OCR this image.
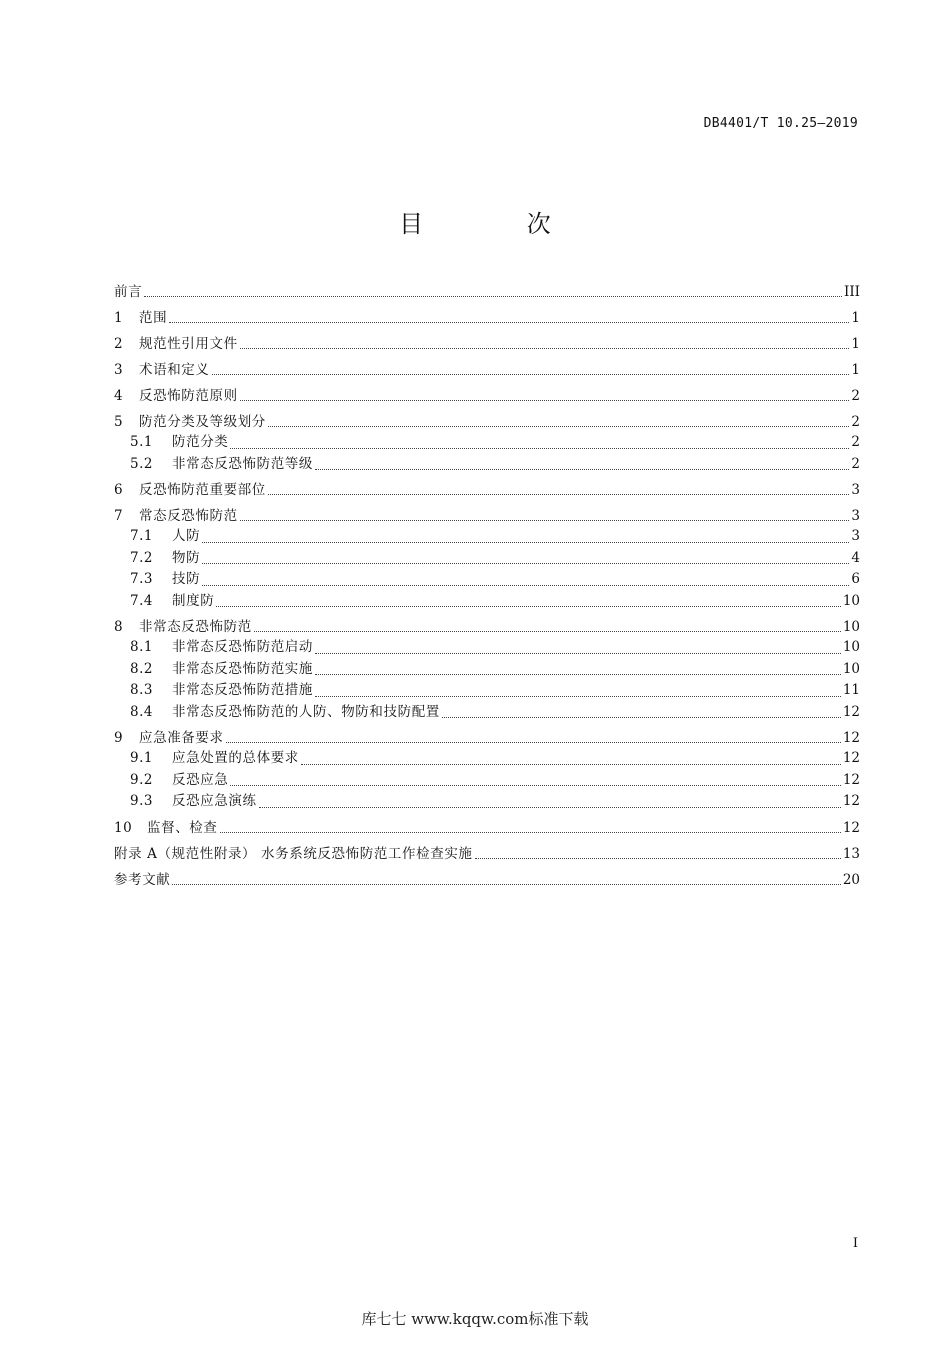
DB4401/T 10.25—2019
目 次
前言	III
1	范围	1
2	规范性引用文件	1
3	术语和定义	1
4	反恐怖防范原则	2
5	防范分类及等级划分	2
5.1	防范分类	2
5.2	非常态反恐怖防范等级	2
6	反恐怖防范重要部位	3
7	常态反恐怖防范	3
7.1	人防	3
7.2	物防	4
7.3	技防	6
7.4	制度防	10
8	非常态反恐怖防范	10
8.1	非常态反恐怖防范启动	10
8.2	非常态反恐怖防范实施	10
8.3	非常态反恐怖防范措施	11
8.4	非常态反恐怖防范的人防、物防和技防配置	12
9	应急准备要求	12
9.1	应急处置的总体要求	12
9.2	反恐应急	12
9.3	反恐应急演练	12
10	监督、检查	12
附录 A（规范性附录） 水务系统反恐怖防范工作检查实施	13
参考文献	20
I
库七七 www.kqqw.com标准下载
